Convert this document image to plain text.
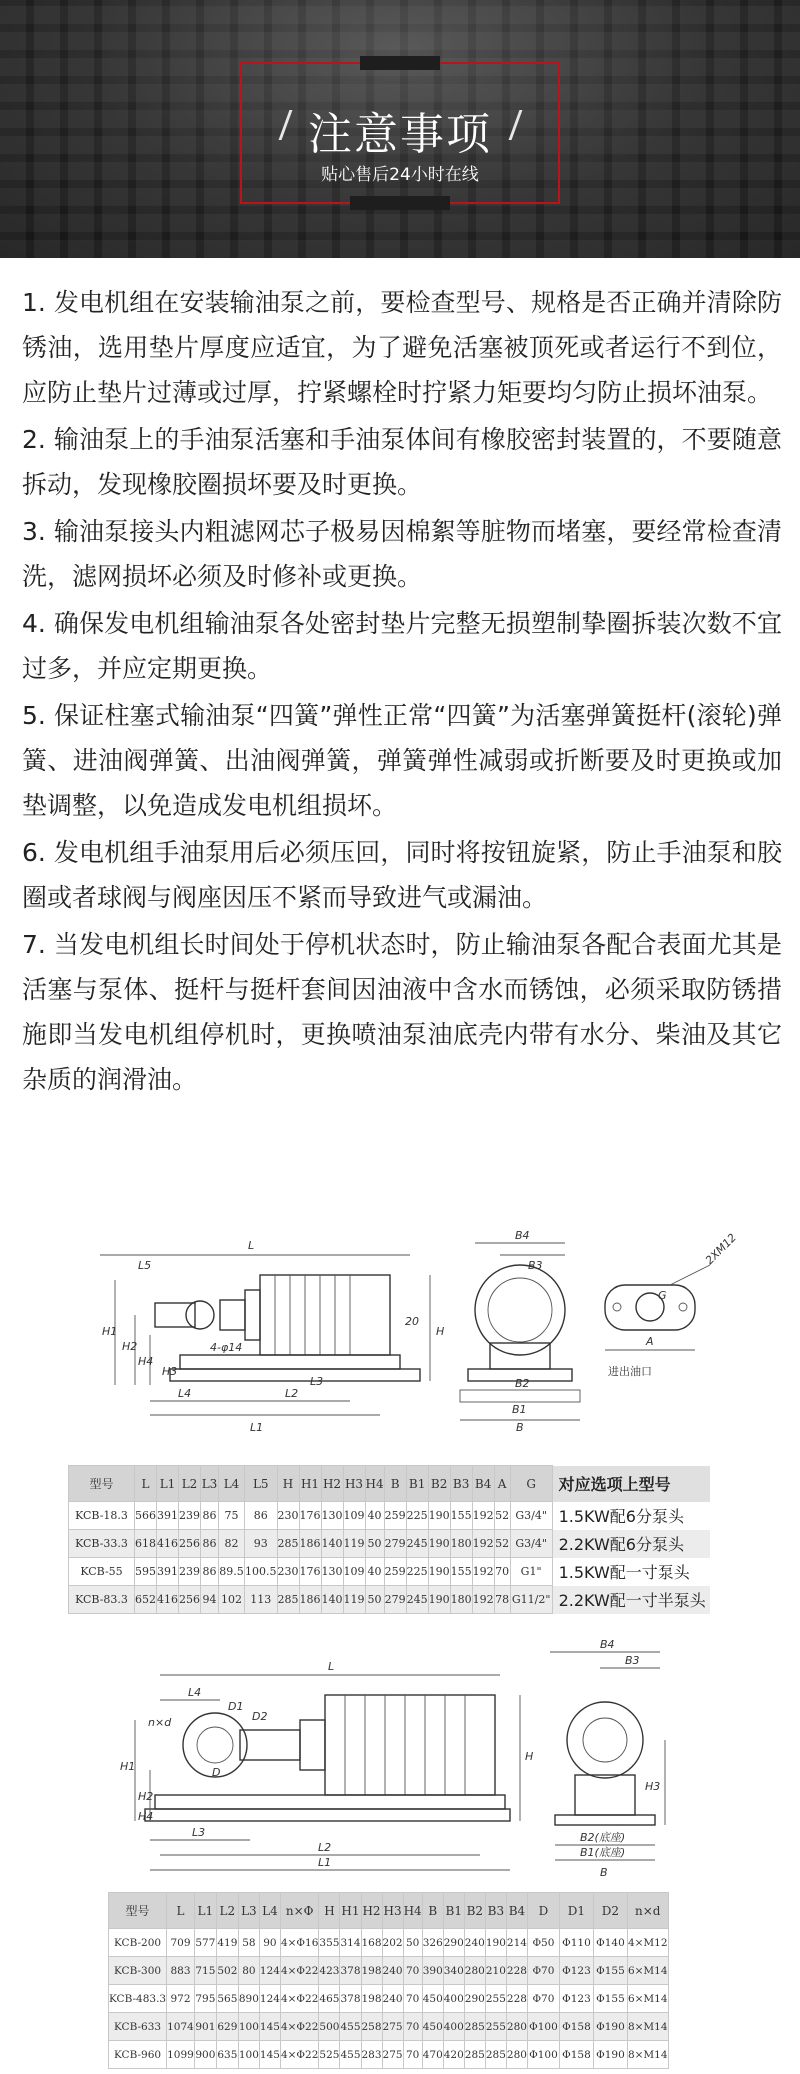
注意事项
贴心售后24小时在线

1. 发电机组在安装输油泵之前，要检查型号、规格是否正确并清除防锈油，选用垫片厚度应适宜，为了避免活塞被顶死或者运行不到位，应防止垫片过薄或过厚，拧紧螺栓时拧紧力矩要均匀防止损坏油泵。

2. 输油泵上的手油泵活塞和手油泵体间有橡胶密封装置的，不要随意拆动，发现橡胶圈损坏要及时更换。

3. 输油泵接头内粗滤网芯子极易因棉絮等脏物而堵塞，要经常检查清洗，滤网损坏必须及时修补或更换。

4. 确保发电机组输油泵各处密封垫片完整无损塑制挚圈拆装次数不宜过多，并应定期更换。

5. 保证柱塞式输油泵“四簧”弹性正常“四簧”为活塞弹簧挺杆(滚轮)弹簧、进油阀弹簧、出油阀弹簧，弹簧弹性减弱或折断要及时更换或加垫调整，以免造成发电机组损坏。

6. 发电机组手油泵用后必须压回，同时将按钮旋紧，防止手油泵和胶圈或者球阀与阀座因压不紧而导致进气或漏油。

7. 当发电机组长时间处于停机状态时，防止输油泵各配合表面尤其是活塞与泵体、挺杆与挺杆套间因油液中含水而锈蚀，必须采取防锈措施即当发电机组停机时，更换喷油泵油底壳内带有水分、柴油及其它杂质的润滑油。

L
L5
H1
H2
H4
H3
4-φ14
L4	L2
L3
L1
H
20
B4
B3
B2
B1
B
2XM12
G
A
进出油口
型号	L	L1	L2	L3	L4	L5	H	H1	H2	H3	H4	B	B1	B2	B3	B4	A	G	对应选项上型号
KCB-18.3	566	391	239	86	75	86	230	176	130	109	40	259	225	190	155	192	52	G3/4"	1.5KW配6分泵头
KCB-33.3	618	416	256	86	82	93	285	186	140	119	50	279	245	190	180	192	52	G3/4"	2.2KW配6分泵头
KCB-55	595	391	239	86	89.5	100.5	230	176	130	109	40	259	225	190	155	192	70	G1"	1.5KW配一寸泵头
KCB-83.3	652	416	256	94	102	113	285	186	140	119	50	279	245	190	180	192	78	G11/2"	2.2KW配一寸半泵头
L
L4
n×d
D1
D2
D
H1
H2
H4
H
L3
L2
L1
B4
B3
H3
B2(底座)
B1(底座)
B
型号	L	L1	L2	L3	L4	n×Φ	H	H1	H2	H3	H4	B	B1	B2	B3	B4	D	D1	D2	n×d
KCB-200	709	577	419	58	90	4×Φ16	355	314	168	202	50	326	290	240	190	214	Φ50	Φ110	Φ140	4×M12
KCB-300	883	715	502	80	124	4×Φ22	423	378	198	240	70	390	340	280	210	228	Φ70	Φ123	Φ155	6×M14
KCB-483.3	972	795	565	890	124	4×Φ22	465	378	198	240	70	450	400	290	255	228	Φ70	Φ123	Φ155	6×M14
KCB-633	1074	901	629	100	145	4×Φ22	500	455	258	275	70	450	400	285	255	280	Φ100	Φ158	Φ190	8×M14
KCB-960	1099	900	635	100	145	4×Φ22	525	455	283	275	70	470	420	285	285	280	Φ100	Φ158	Φ190	8×M14
